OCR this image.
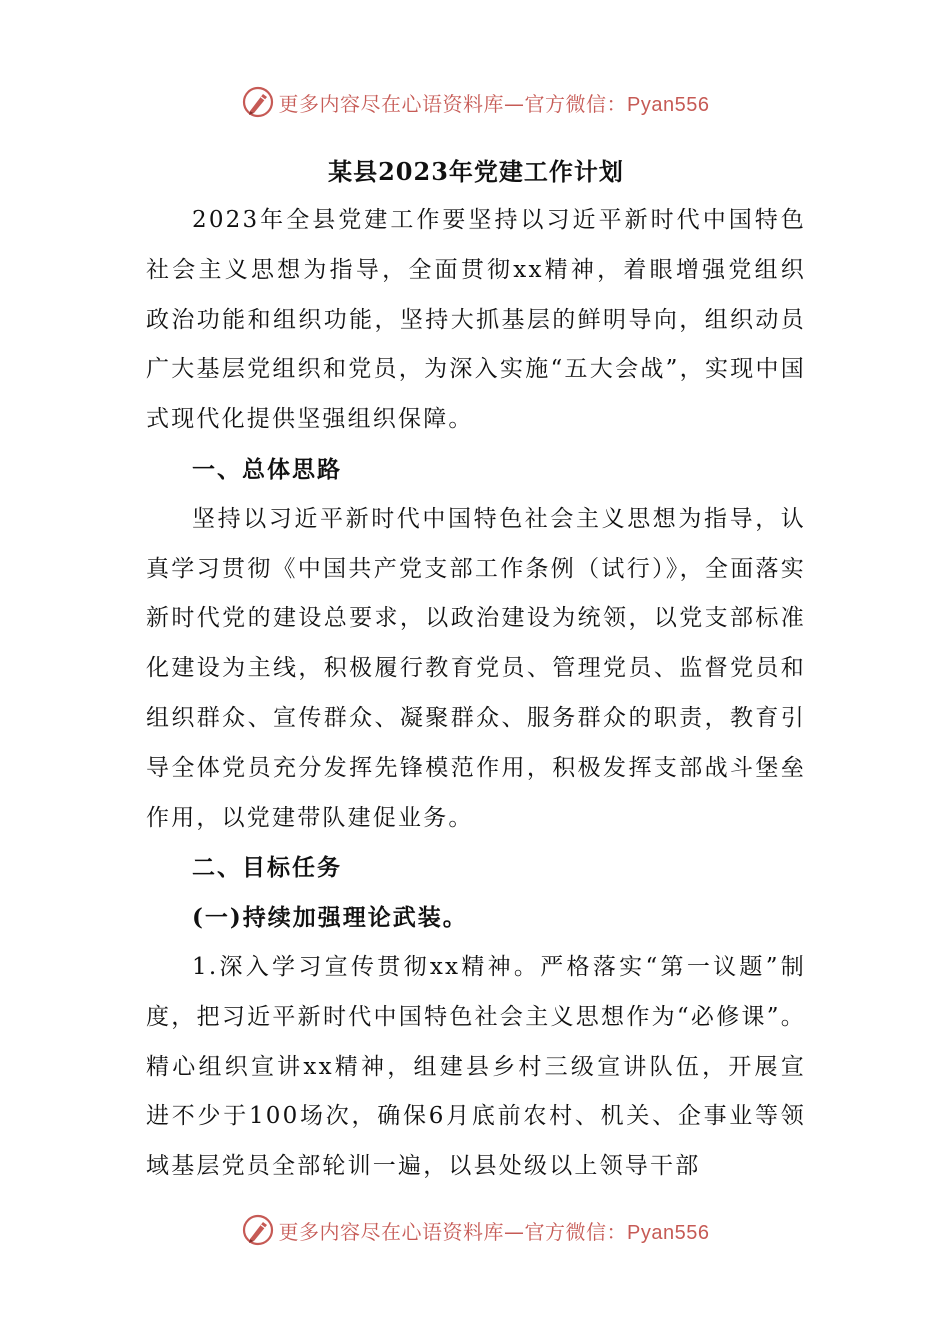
更多内容尽在心语资料库—官方微信：Pyan556
某县2023年党建工作计划

2023年全县党建工作要坚持以习近平新时代中国特色社会主义思想为指导，全面贯彻xx精神，着眼增强党组织政治功能和组织功能，坚持大抓基层的鲜明导向，组织动员广大基层党组织和党员，为深入实施“五大会战”，实现中国式现代化提供坚强组织保障。

一、总体思路

坚持以习近平新时代中国特色社会主义思想为指导，认真学习贯彻《中国共产党支部工作条例（试行）》，全面落实新时代党的建设总要求，以政治建设为统领，以党支部标准化建设为主线，积极履行教育党员、管理党员、监督党员和组织群众、宣传群众、凝聚群众、服务群众的职责，教育引导全体党员充分发挥先锋模范作用，积极发挥支部战斗堡垒作用，以党建带队建促业务。

二、目标任务

(一)持续加强理论武装。

1.深入学习宣传贯彻xx精神。严格落实“第一议题”制度，把习近平新时代中国特色社会主义思想作为“必修课”。精心组织宣讲xx精神，组建县乡村三级宣讲队伍，开展宣进不少于100场次，确保6月底前农村、机关、企事业等领域基层党员全部轮训一遍，以县处级以上领导干部

更多内容尽在心语资料库—官方微信：Pyan556
